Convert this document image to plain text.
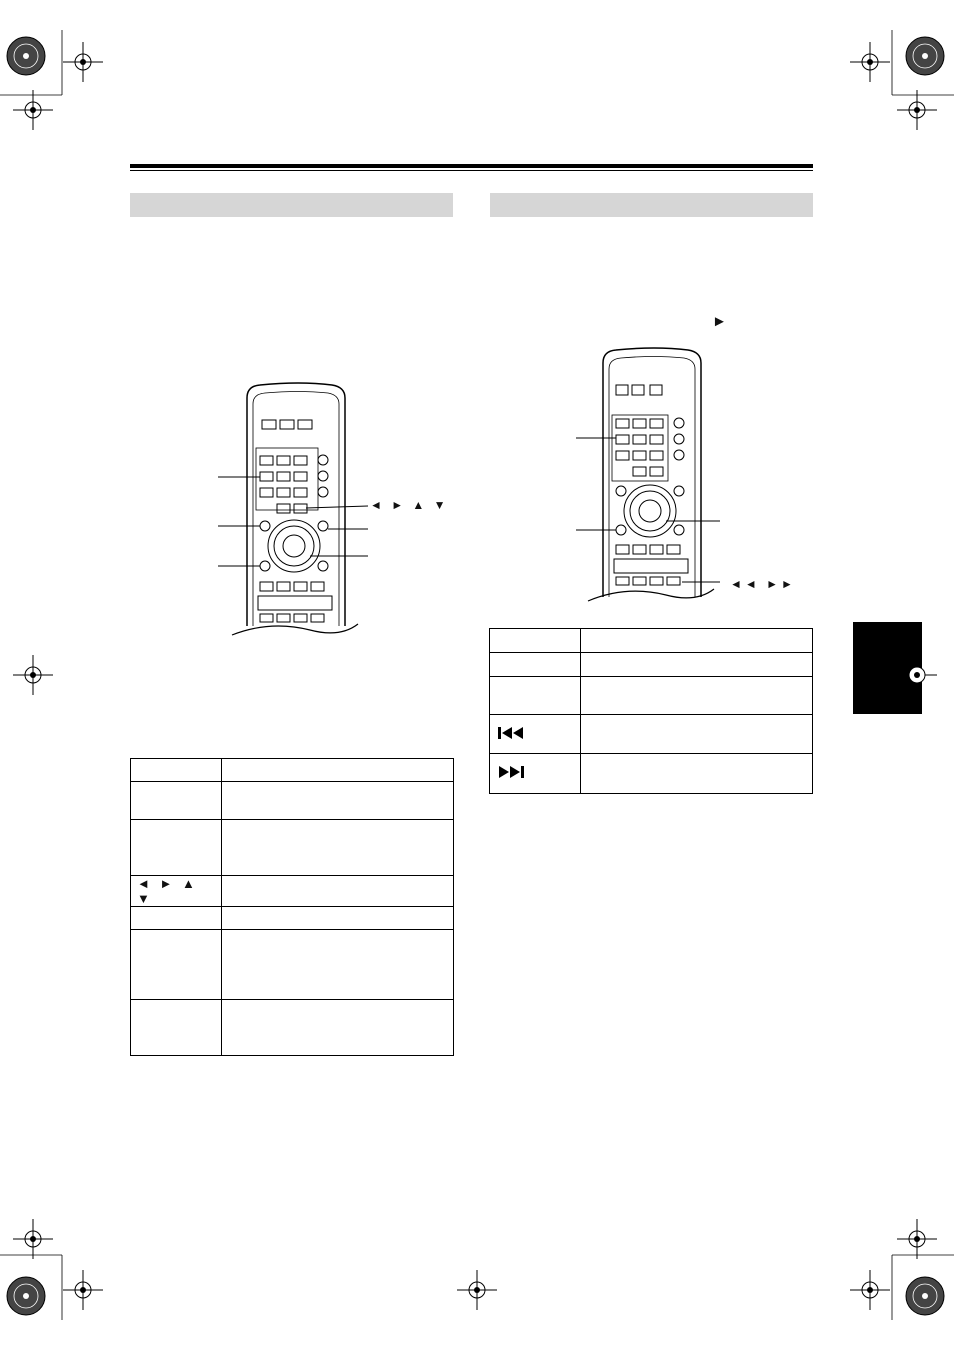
►
◄ ► ▲ ▼
◄◄ ►►

◄ ► ▲ ▼	
